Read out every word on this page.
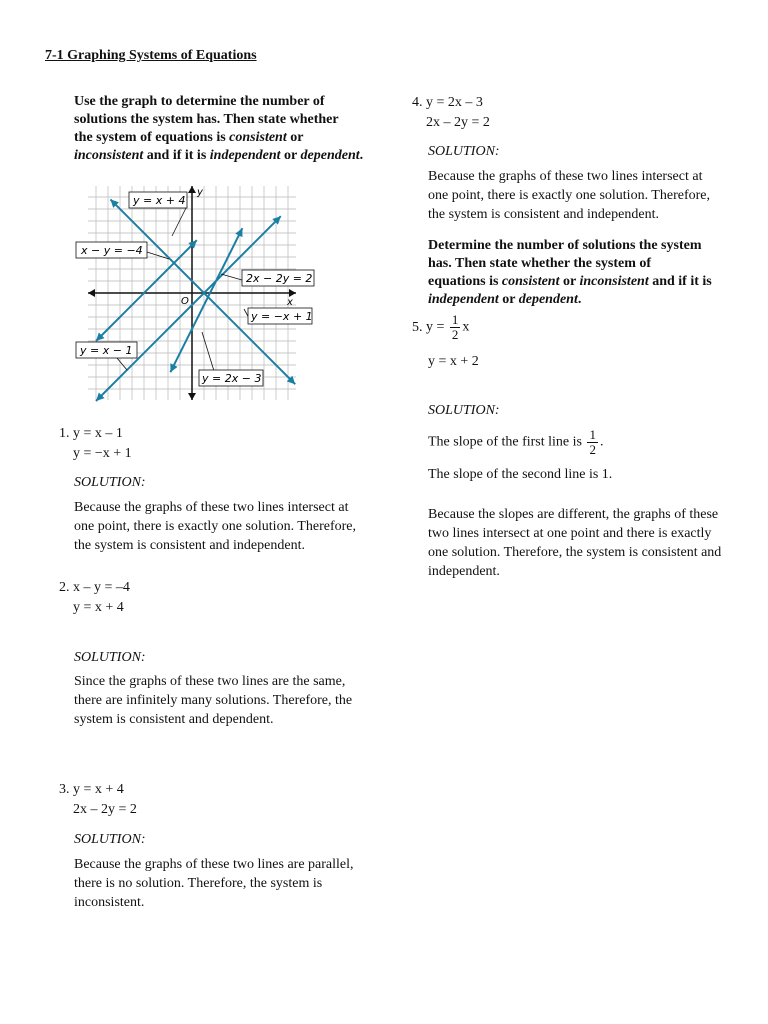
7-1 Graphing Systems of Equations
Use the graph to determine the number of
solutions the system has. Then state whether
the system of equations is consistent or
inconsistent and if it is independent or dependent.
y
x
O
y = x + 4
x − y = −4
2x − 2y = 2
y = −x + 1
y = x − 1
y = 2x − 3
1. y = x – 1
y = −x + 1
SOLUTION:
Because the graphs of these two lines intersect at
one point, there is exactly one solution. Therefore,
the system is consistent and independent.
2. x – y = –4
y = x + 4
SOLUTION:
Since the graphs of these two lines are the same,
there are infinitely many solutions. Therefore, the
system is consistent and dependent.
3. y = x + 4
2x – 2y = 2
SOLUTION:
Because the graphs of these two lines are parallel,
there is no solution. Therefore, the system is
inconsistent.
4. y = 2x – 3
2x – 2y = 2
SOLUTION:
Because the graphs of these two lines intersect at
one point, there is exactly one solution. Therefore,
the system is consistent and independent.
Determine the number of solutions the system
has. Then state whether the system of
equations is consistent or inconsistent and if it is
independent or dependent.
5. $y = \frac{1}{2}$ x
y = x + 2
SOLUTION:
The slope of the first line is $\frac{1}{2}$ .
The slope of the second line is 1.
Because the slopes are different, the graphs of these
two lines intersect at one point and there is exactly
one solution. Therefore, the system is consistent and
independent.
